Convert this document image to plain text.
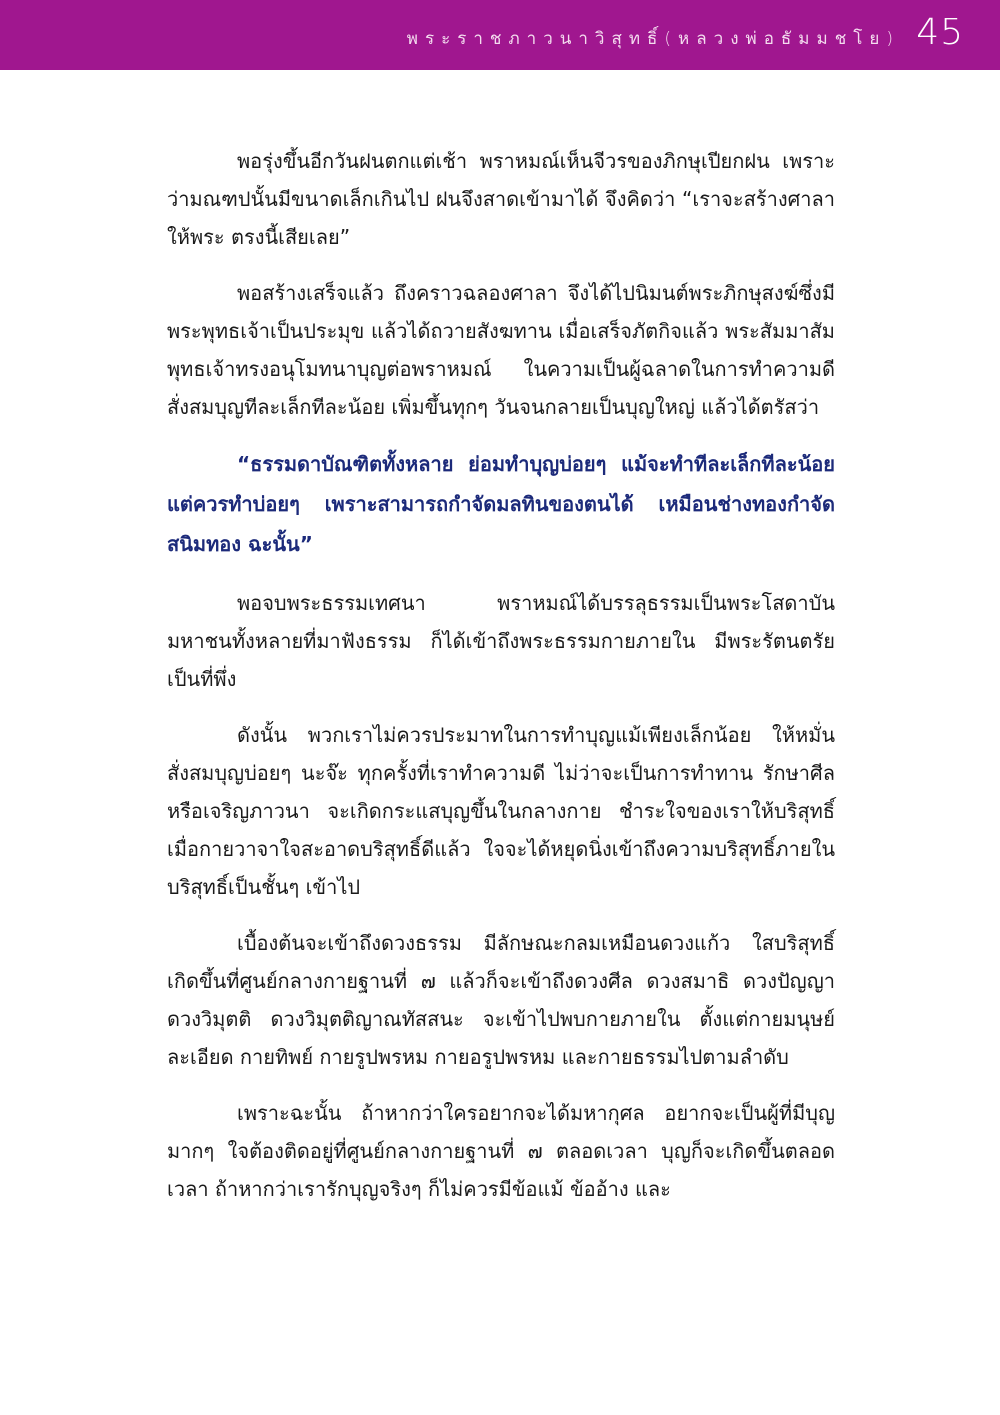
พระราชภาวนาวิสุทธิ์(หลวงพ่อธัมมชโย) 45

พอรุ่งขึ้นอีกวันฝนตกแต่เช้า พราหมณ์เห็นจีวรของภิกษุเปียกฝน เพราะว่ามณฑปนั้นมีขนาดเล็กเกินไป ฝนจึงสาดเข้ามาได้ จึงคิดว่า “เราจะสร้างศาลาให้พระ ตรงนี้เสียเลย”

พอสร้างเสร็จแล้ว ถึงคราวฉลองศาลา จึงได้ไปนิมนต์พระภิกษุสงฆ์ซึ่งมีพระพุทธเจ้าเป็นประมุข แล้วได้ถวายสังฆทาน เมื่อเสร็จภัตกิจแล้ว พระสัมมาสัมพุทธเจ้าทรงอนุโมทนาบุญต่อพราหมณ์ ในความเป็นผู้ฉลาดในการทำความดี สั่งสมบุญทีละเล็กทีละน้อย เพิ่มขึ้นทุกๆ วันจนกลายเป็นบุญใหญ่ แล้วได้ตรัสว่า

“ธรรมดาบัณฑิตทั้งหลาย ย่อมทำบุญบ่อยๆ แม้จะทำทีละเล็กทีละน้อย แต่ควรทำบ่อยๆ เพราะสามารถกำจัดมลทินของตนได้ เหมือนช่างทองกำจัดสนิมทอง ฉะนั้น”

พอจบพระธรรมเทศนา พราหมณ์ได้บรรลุธรรมเป็นพระโสดาบัน มหาชนทั้งหลายที่มาฟังธรรม ก็ได้เข้าถึงพระธรรมกายภายใน มีพระรัตนตรัยเป็นที่พึ่ง

ดังนั้น พวกเราไม่ควรประมาทในการทำบุญแม้เพียงเล็กน้อย ให้หมั่นสั่งสมบุญบ่อยๆ นะจ๊ะ ทุกครั้งที่เราทำความดี ไม่ว่าจะเป็นการทำทาน รักษาศีล หรือเจริญภาวนา จะเกิดกระแสบุญขึ้นในกลางกาย ชำระใจของเราให้บริสุทธิ์ เมื่อกายวาจาใจสะอาดบริสุทธิ์ดีแล้ว ใจจะได้หยุดนิ่งเข้าถึงความบริสุทธิ์ภายใน บริสุทธิ์เป็นชั้นๆ เข้าไป

เบื้องต้นจะเข้าถึงดวงธรรม มีลักษณะกลมเหมือนดวงแก้ว ใสบริสุทธิ์ เกิดขึ้นที่ศูนย์กลางกายฐานที่ ๗ แล้วก็จะเข้าถึงดวงศีล ดวงสมาธิ ดวงปัญญา ดวงวิมุตติ ดวงวิมุตติญาณทัสสนะ จะเข้าไปพบกายภายใน ตั้งแต่กายมนุษย์ละเอียด กายทิพย์ กายรูปพรหม กายอรูปพรหม และกายธรรมไปตามลำดับ

เพราะฉะนั้น ถ้าหากว่าใครอยากจะได้มหากุศล อยากจะเป็นผู้ที่มีบุญมากๆ ใจต้องติดอยู่ที่ศูนย์กลางกายฐานที่ ๗ ตลอดเวลา บุญก็จะเกิดขึ้นตลอดเวลา ถ้าหากว่าเรารักบุญจริงๆ ก็ไม่ควรมีข้อแม้ ข้ออ้าง และ
